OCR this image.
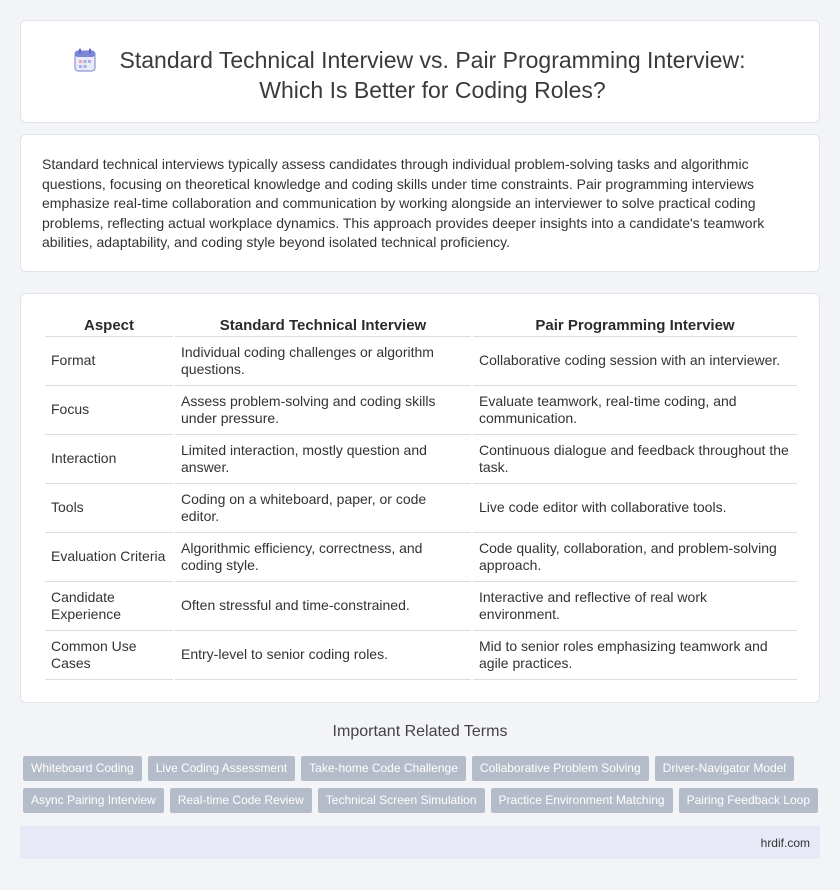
Standard Technical Interview vs. Pair Programming Interview: Which Is Better for Coding Roles?

Standard technical interviews typically assess candidates through individual problem-solving tasks and algorithmic questions, focusing on theoretical knowledge and coding skills under time constraints. Pair programming interviews emphasize real-time collaboration and communication by working alongside an interviewer to solve practical coding problems, reflecting actual workplace dynamics. This approach provides deeper insights into a candidate's teamwork abilities, adaptability, and coding style beyond isolated technical proficiency.

Aspect	Standard Technical Interview	Pair Programming Interview
Format	Individual coding challenges or algorithm questions.	Collaborative coding session with an interviewer.
Focus	Assess problem-solving and coding skills under pressure.	Evaluate teamwork, real-time coding, and communication.
Interaction	Limited interaction, mostly question and answer.	Continuous dialogue and feedback throughout the task.
Tools	Coding on a whiteboard, paper, or code editor.	Live code editor with collaborative tools.
Evaluation Criteria	Algorithmic efficiency, correctness, and coding style.	Code quality, collaboration, and problem-solving approach.
Candidate Experience	Often stressful and time-constrained.	Interactive and reflective of real work environment.
Common Use Cases	Entry-level to senior coding roles.	Mid to senior roles emphasizing teamwork and agile practices.
Important Related Terms
Whiteboard Coding	Live Coding Assessment	Take-home Code Challenge	Collaborative Problem Solving	Driver-Navigator Model
Async Pairing Interview	Real-time Code Review	Technical Screen Simulation	Practice Environment Matching	Pairing Feedback Loop
hrdif.com
